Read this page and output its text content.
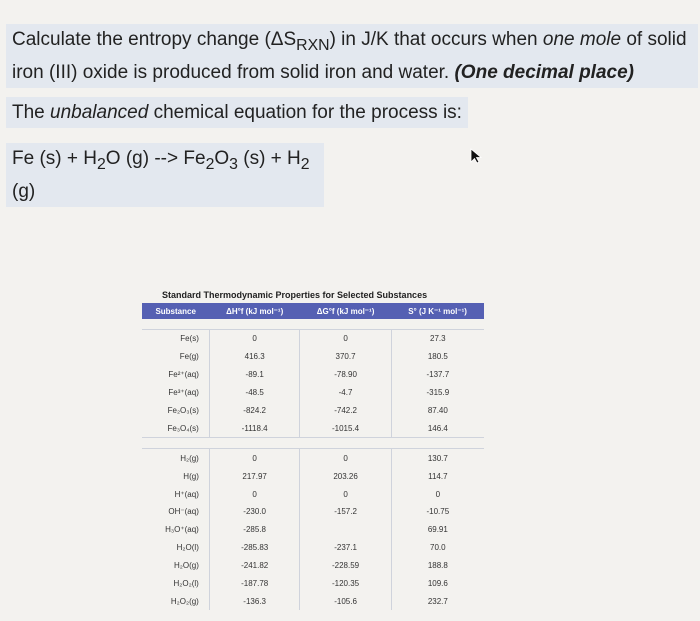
Calculate the entropy change $(\Delta S_{RXN})$ in J/K that occurs when one mole of solid iron (III) oxide is produced from solid iron and water. (One decimal place)
The unbalanced chemical equation for the process is:
Fe $(s) + H_2O$ (g) --> $Fe_2O_3$ $(s) + H_2$ (g)
Standard Thermodynamic Properties for Selected Substances
Substance	ΔH°f (kJ mol⁻¹)	ΔG°f (kJ mol⁻¹)	S° (J K⁻¹ mol⁻¹)

Fe(s)	0	0	27.3
Fe(g)	416.3	370.7	180.5
Fe²⁺(aq)	-89.1	-78.90	-137.7
Fe³⁺(aq)	-48.5	-4.7	-315.9
Fe₂O₃(s)	-824.2	-742.2	87.40
Fe₃O₄(s)	-1118.4	-1015.4	146.4

H₂(g)	0	0	130.7
H(g)	217.97	203.26	114.7
H⁺(aq)	0	0	0
OH⁻(aq)	-230.0	-157.2	-10.75
H₃O⁺(aq)	-285.8		69.91
H₂O(l)	-285.83	-237.1	70.0
H₂O(g)	-241.82	-228.59	188.8
H₂O₂(l)	-187.78	-120.35	109.6
H₂O₂(g)	-136.3	-105.6	232.7
